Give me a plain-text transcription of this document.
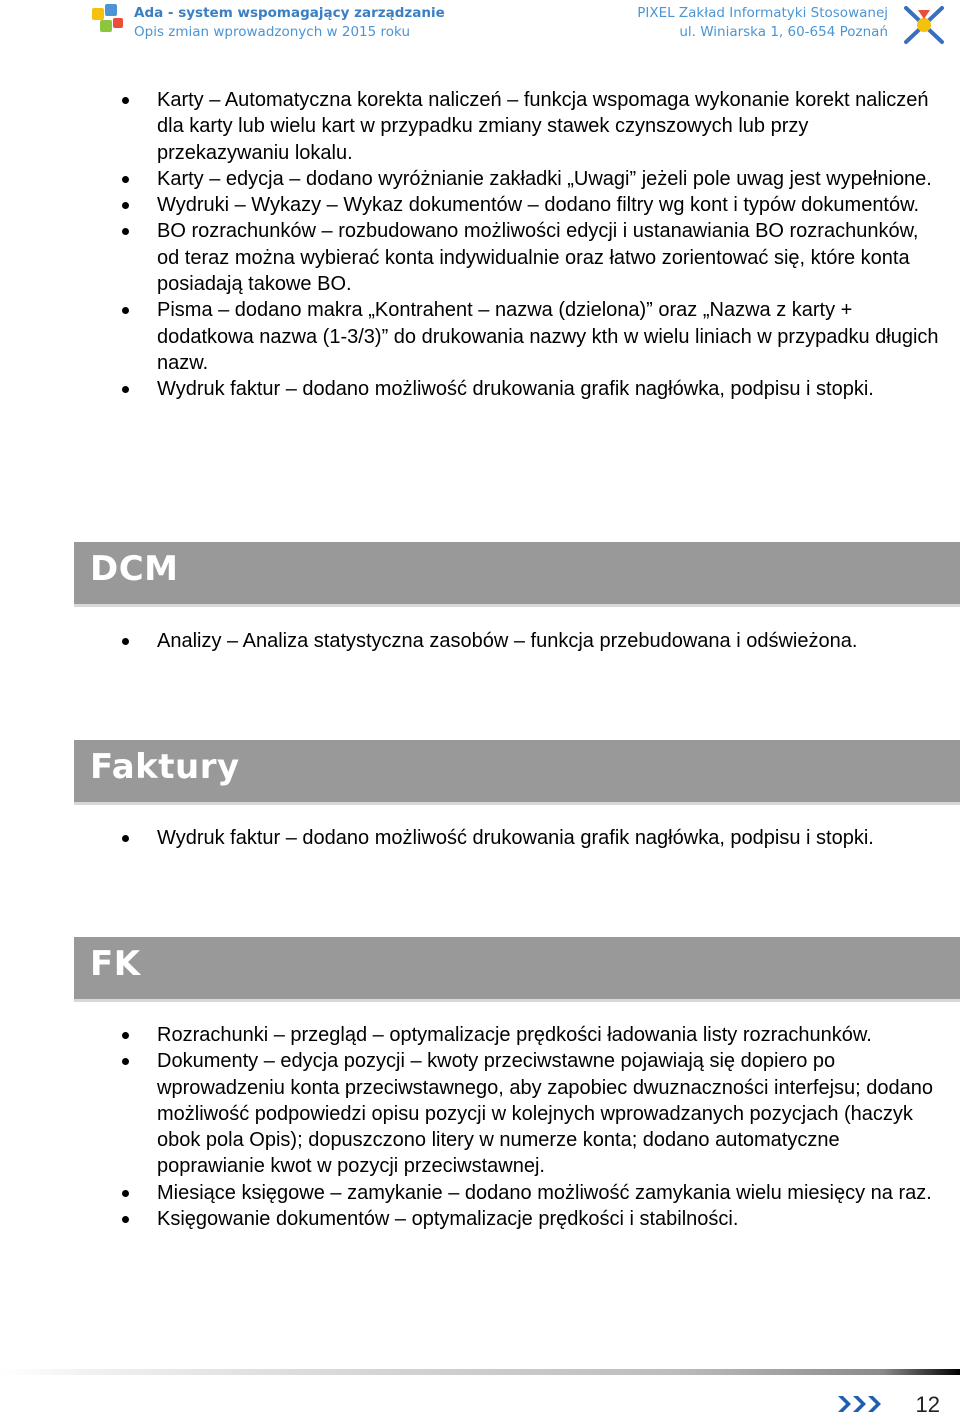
Ada - system wspomagający zarządzanie
Opis zmian wprowadzonych w 2015 roku
PIXEL Zakład Informatyki Stosowanej
ul. Winiarska 1, 60-654 Poznań
Karty – Automatyczna korekta naliczeń – funkcja wspomaga wykonanie korekt naliczeń dla karty lub wielu kart w przypadku zmiany stawek czynszowych lub przy przekazywaniu lokalu.
Karty – edycja – dodano wyróżnianie zakładki „Uwagi” jeżeli pole uwag jest wypełnione.
Wydruki – Wykazy – Wykaz dokumentów – dodano filtry wg kont i typów dokumentów.
BO rozrachunków – rozbudowano możliwości edycji i ustanawiania BO rozrachunków, od teraz można wybierać konta indywidualnie oraz łatwo zorientować się, które konta posiadają takowe BO.
Pisma – dodano makra „Kontrahent – nazwa (dzielona)” oraz „Nazwa z karty + dodatkowa nazwa (1-3/3)” do drukowania nazwy kth w wielu liniach w przypadku długich nazw.
Wydruk faktur – dodano możliwość drukowania grafik nagłówka, podpisu i stopki.
DCM
Analizy – Analiza statystyczna zasobów – funkcja przebudowana i odświeżona.
Faktury
Wydruk faktur – dodano możliwość drukowania grafik nagłówka, podpisu i stopki.
FK
Rozrachunki – przegląd – optymalizacje prędkości ładowania listy rozrachunków.
Dokumenty – edycja pozycji – kwoty przeciwstawne pojawiają się dopiero po wprowadzeniu konta przeciwstawnego, aby zapobiec dwuznaczności interfejsu; dodano możliwość podpowiedzi opisu pozycji w kolejnych wprowadzanych pozycjach (haczyk obok pola Opis); dopuszczono litery w numerze konta; dodano automatyczne poprawianie kwot w pozycji przeciwstawnej.
Miesiące księgowe – zamykanie – dodano możliwość zamykania wielu miesięcy na raz.
Księgowanie dokumentów – optymalizacje prędkości i stabilności.
12
